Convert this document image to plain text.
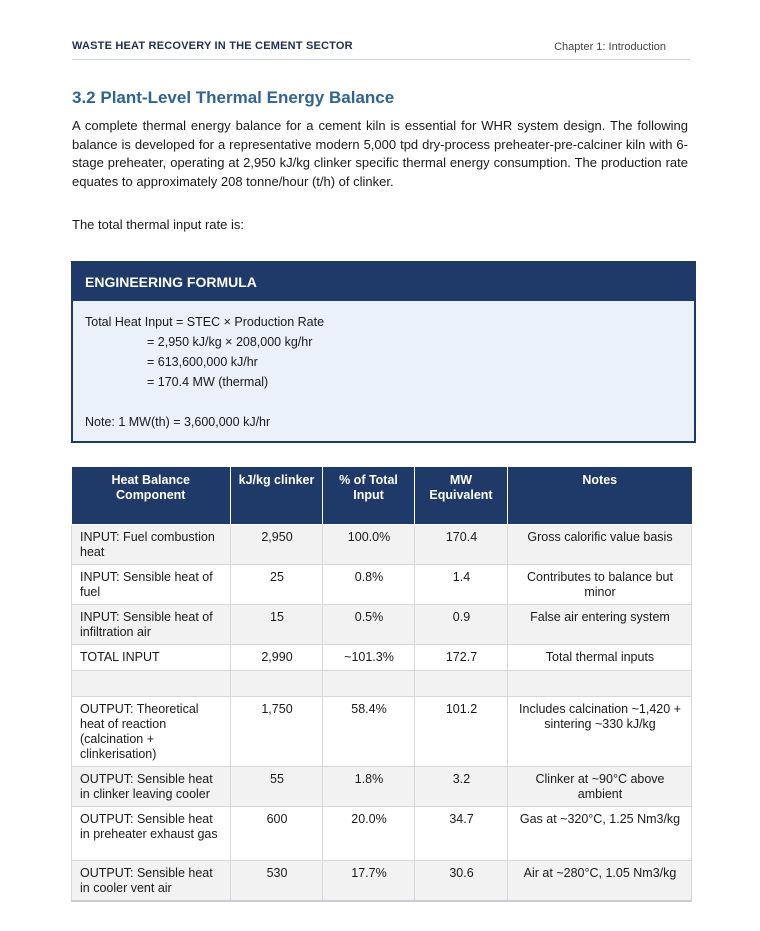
WASTE HEAT RECOVERY IN THE CEMENT SECTOR	Chapter 1: Introduction
3.2 Plant-Level Thermal Energy Balance

A complete thermal energy balance for a cement kiln is essential for WHR system design. The following balance is developed for a representative modern 5,000 tpd dry-process preheater-pre-calciner kiln with 6-stage preheater, operating at 2,950 kJ/kg clinker specific thermal energy consumption. The production rate equates to approximately 208 tonne/hour (t/h) of clinker.

The total thermal input rate is:

ENGINEERING FORMULA
Total Heat Input = STEC × Production Rate
= 2,950 kJ/kg × 208,000 kg/hr
= 613,600,000 kJ/hr
= 170.4 MW (thermal)
Note: 1 MW(th) = 3,600,000 kJ/hr
Heat Balance Component	kJ/kg clinker	% of Total Input	MW Equivalent	Notes
INPUT: Fuel combustion heat	2,950	100.0%	170.4	Gross calorific value basis
INPUT: Sensible heat of fuel	25	0.8%	1.4	Contributes to balance but minor
INPUT: Sensible heat of infiltration air	15	0.5%	0.9	False air entering system
TOTAL INPUT	2,990	~101.3%	172.7	Total thermal inputs

OUTPUT: Theoretical heat of reaction (calcination + clinkerisation)	1,750	58.4%	101.2	Includes calcination ~1,420 + sintering ~330 kJ/kg
OUTPUT: Sensible heat in clinker leaving cooler	55	1.8%	3.2	Clinker at ~90°C above ambient
OUTPUT: Sensible heat in preheater exhaust gas	600	20.0%	34.7	Gas at ~320°C, 1.25 Nm3/kg
OUTPUT: Sensible heat in cooler vent air	530	17.7%	30.6	Air at ~280°C, 1.05 Nm3/kg
